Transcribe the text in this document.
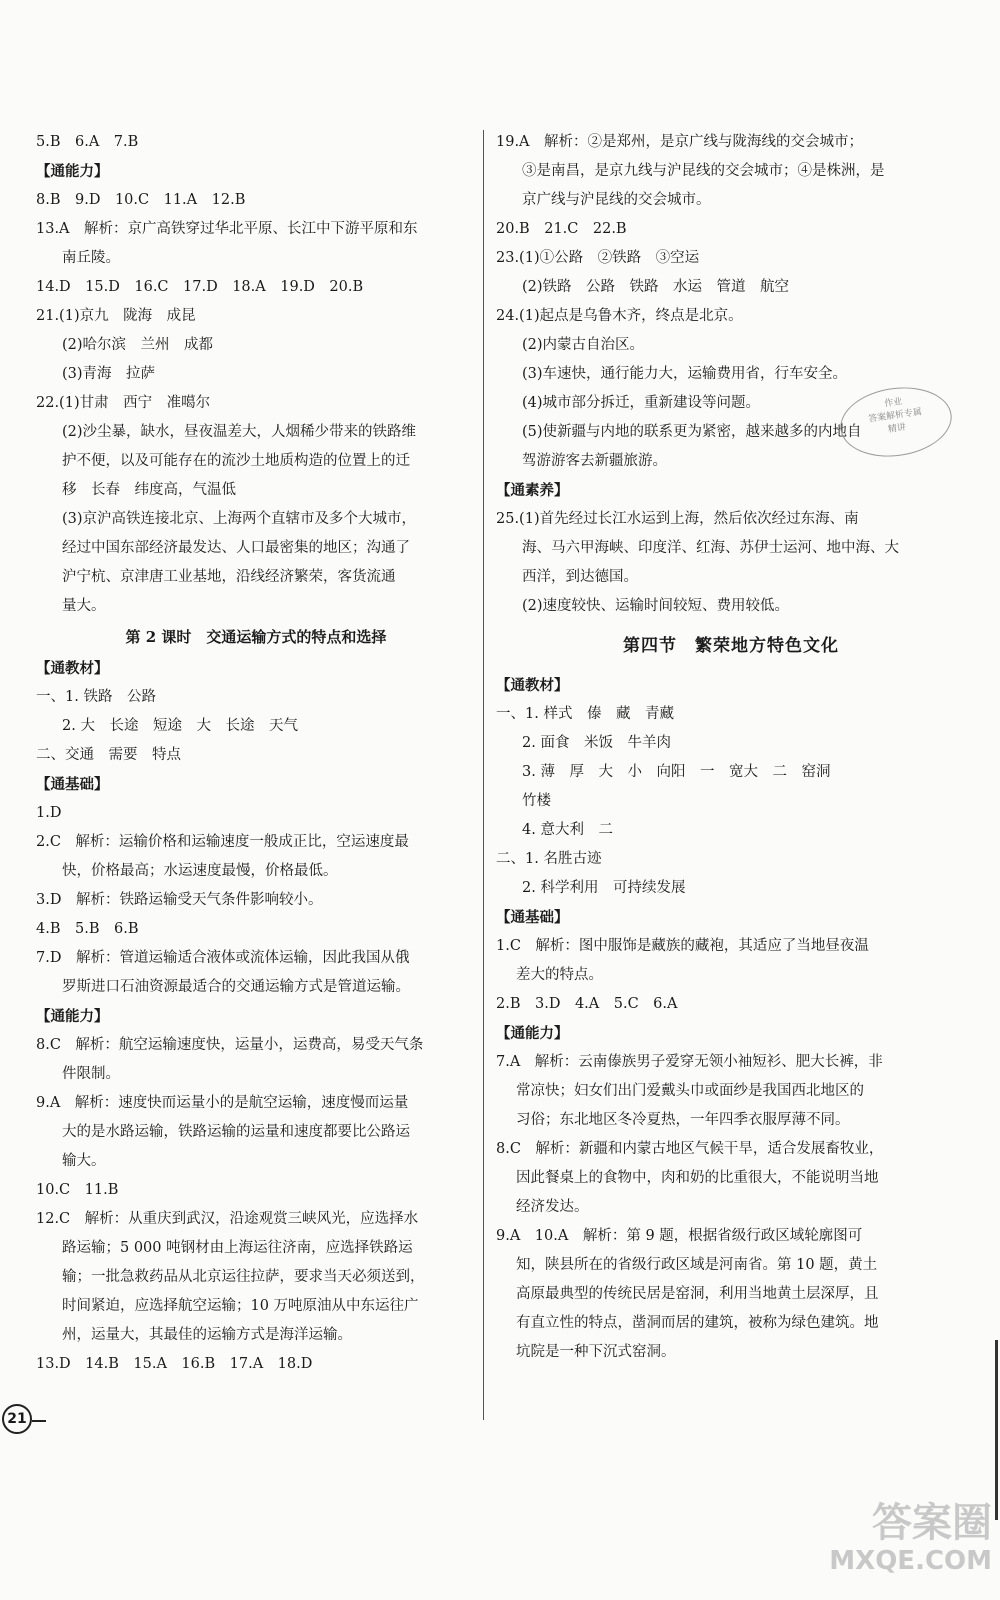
5.B　6.A　7.B
【通能力】
8.B　9.D　10.C　11.A　12.B
13.A　解析：京广高铁穿过华北平原、长江中下游平原和东
南丘陵。
14.D　15.D　16.C　17.D　18.A　19.D　20.B
21.(1)京九　陇海　成昆
(2)哈尔滨　兰州　成都
(3)青海　拉萨
22.(1)甘肃　西宁　准噶尔
(2)沙尘暴，缺水，昼夜温差大，人烟稀少带来的铁路维
护不便，以及可能存在的流沙土地质构造的位置上的迁
移　长春　纬度高，气温低
(3)京沪高铁连接北京、上海两个直辖市及多个大城市，
经过中国东部经济最发达、人口最密集的地区；沟通了
沪宁杭、京津唐工业基地，沿线经济繁荣，客货流通
量大。
第 2 课时　交通运输方式的特点和选择
【通教材】
一、1. 铁路　公路
2. 大　长途　短途　大　长途　天气
二、交通　需要　特点
【通基础】
1.D
2.C　解析：运输价格和运输速度一般成正比，空运速度最
快，价格最高；水运速度最慢，价格最低。
3.D　解析：铁路运输受天气条件影响较小。
4.B　5.B　6.B
7.D　解析：管道运输适合液体或流体运输，因此我国从俄
罗斯进口石油资源最适合的交通运输方式是管道运输。
【通能力】
8.C　解析：航空运输速度快，运量小，运费高，易受天气条
件限制。
9.A　解析：速度快而运量小的是航空运输，速度慢而运量
大的是水路运输，铁路运输的运量和速度都要比公路运
输大。
10.C　11.B
12.C　解析：从重庆到武汉，沿途观赏三峡风光，应选择水
路运输；5 000 吨钢材由上海运往济南，应选择铁路运
输；一批急救药品从北京运往拉萨，要求当天必须送到，
时间紧迫，应选择航空运输；10 万吨原油从中东运往广
州，运量大，其最佳的运输方式是海洋运输。
13.D　14.B　15.A　16.B　17.A　18.D
19.A　解析：②是郑州，是京广线与陇海线的交会城市；
③是南昌，是京九线与沪昆线的交会城市；④是株洲，是
京广线与沪昆线的交会城市。
20.B　21.C　22.B
23.(1)①公路　②铁路　③空运
(2)铁路　公路　铁路　水运　管道　航空
24.(1)起点是乌鲁木齐，终点是北京。
(2)内蒙古自治区。
(3)车速快，通行能力大，运输费用省，行车安全。
(4)城市部分拆迁，重新建设等问题。
(5)使新疆与内地的联系更为紧密，越来越多的内地自
驾游游客去新疆旅游。
【通素养】
25.(1)首先经过长江水运到上海，然后依次经过东海、南
海、马六甲海峡、印度洋、红海、苏伊士运河、地中海、大
西洋，到达德国。
(2)速度较快、运输时间较短、费用较低。
第四节　繁荣地方特色文化
【通教材】
一、1. 样式　傣　藏　青藏
2. 面食　米饭　牛羊肉
3. 薄　厚　大　小　向阳　一　宽大　二　窑洞
竹楼
4. 意大利　二
二、1. 名胜古迹
2. 科学利用　可持续发展
【通基础】
1.C　解析：图中服饰是藏族的藏袍，其适应了当地昼夜温
差大的特点。
2.B　3.D　4.A　5.C　6.A
【通能力】
7.A　解析：云南傣族男子爱穿无领小袖短衫、肥大长裤，非
常凉快；妇女们出门爱戴头巾或面纱是我国西北地区的
习俗；东北地区冬冷夏热，一年四季衣服厚薄不同。
8.C　解析：新疆和内蒙古地区气候干旱，适合发展畜牧业，
因此餐桌上的食物中，肉和奶的比重很大，不能说明当地
经济发达。
9.A　10.A　解析：第 9 题，根据省级行政区域轮廓图可
知，陕县所在的省级行政区域是河南省。第 10 题，黄土
高原最典型的传统民居是窑洞，利用当地黄土层深厚，且
有直立性的特点，凿洞而居的建筑，被称为绿色建筑。地
坑院是一种下沉式窑洞。
作业
答案解析专属
精讲
21
答案圈
MXQE.COM
